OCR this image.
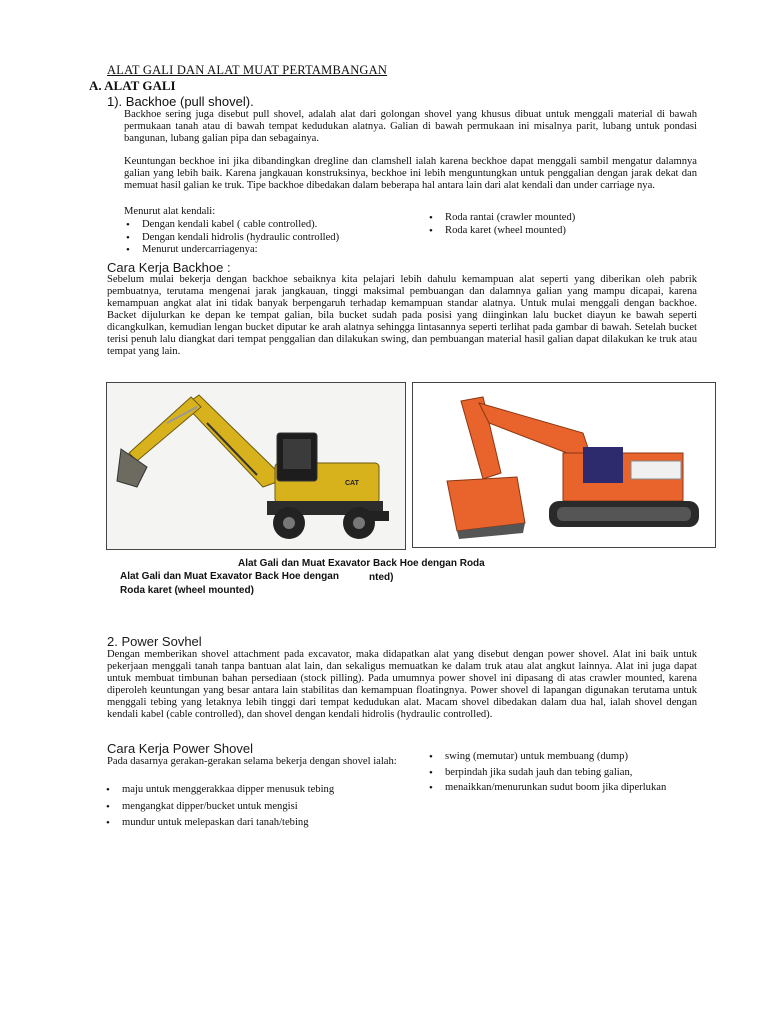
ALAT GALI DAN ALAT MUAT PERTAMBANGAN
A. ALAT GALI
1). Backhoe (pull shovel).
Backhoe sering juga disebut pull shovel, adalah alat dari golongan shovel yang khusus dibuat untuk menggali material di bawah permukaan tanah atau di bawah tempat kedudukan alatnya. Galian di bawah permukaan ini misalnya parit, lubang untuk pondasi bangunan, lubang galian pipa dan sebagainya.
Keuntungan beckhoe ini jika dibandingkan dregline dan clamshell ialah karena beckhoe dapat menggali sambil mengatur dalamnya galian yang lebih baik. Karena jangkauan konstruksinya, beckhoe ini lebih menguntungkan untuk penggalian dengan jarak dekat dan memuat hasil galian ke truk. Tipe backhoe dibedakan dalam beberapa hal antara lain dari alat kendali dan under carriage nya.
Menurut alat kendali:
• Dengan kendali kabel ( cable controlled).
• Dengan kendali hidrolis (hydraulic controlled)
• Menurut undercarriagenya:
• Roda rantai (crawler mounted)
• Roda karet (wheel mounted)
Cara Kerja Backhoe :
Sebelum mulai bekerja dengan backhoe sebaiknya kita pelajari lebih dahulu kemampuan alat seperti yang diberikan oleh pabrik pembuatnya, terutama mengenai jarak jangkauan, tinggi maksimal pembuangan dan dalamnya galian yang mampu dicapai, karena kemampuan angkat alat ini tidak banyak berpengaruh terhadap kemampuan standar alatnya. Untuk mulai menggali dengan backhoe. Backet dijulurkan ke depan ke tempat galian, bila bucket sudah pada posisi yang diinginkan lalu bucket diayun ke bawah seperti dicangkulkan, kemudian lengan bucket diputar ke arah alatnya sehingga lintasannya seperti terlihat pada gambar di bawah. Setelah bucket terisi penuh lalu diangkat dari tempat penggalian dan dilakukan swing, dan pembuangan material hasil galian dapat dilakukan ke truk atau tempat yang lain.
CAT
Alat Gali dan Muat Exavator Back Hoe dengan Roda
Alat Gali dan Muat Exavator Back Hoe dengan	nted)
Roda karet (wheel mounted)
2. Power Sovhel
Dengan memberikan shovel attachment pada excavator, maka didapatkan alat yang disebut dengan power shovel. Alat ini baik untuk pekerjaan menggali tanah tanpa bantuan alat lain, dan sekaligus memuatkan ke dalam truk atau alat angkut lainnya. Alat ini juga dapat untuk membuat timbunan bahan persediaan (stock pilling). Pada umumnya power shovel ini dipasang di atas crawler mounted, karena diperoleh keuntungan yang besar antara lain stabilitas dan kemampuan floatingnya. Power shovel di lapangan digunakan terutama untuk menggali tebing yang letaknya lebih tinggi dari tempat kedudukan alat. Macam shovel dibedakan dalam dua hal, ialah shovel dengan kendali kabel (cable controlled), dan shovel dengan kendali hidrolis (hydraulic controlled).
Cara Kerja Power Shovel
Pada dasarnya gerakan-gerakan selama bekerja dengan shovel ialah:
• maju untuk menggerakkaa dipper menusuk tebing
• mengangkat dipper/bucket untuk mengisi
• mundur untuk melepaskan dari tanah/tebing
• swing (memutar) untuk membuang (dump)
• berpindah jika sudah jauh dan tebing galian,
• menaikkan/menurunkan sudut boom jika diperlukan
